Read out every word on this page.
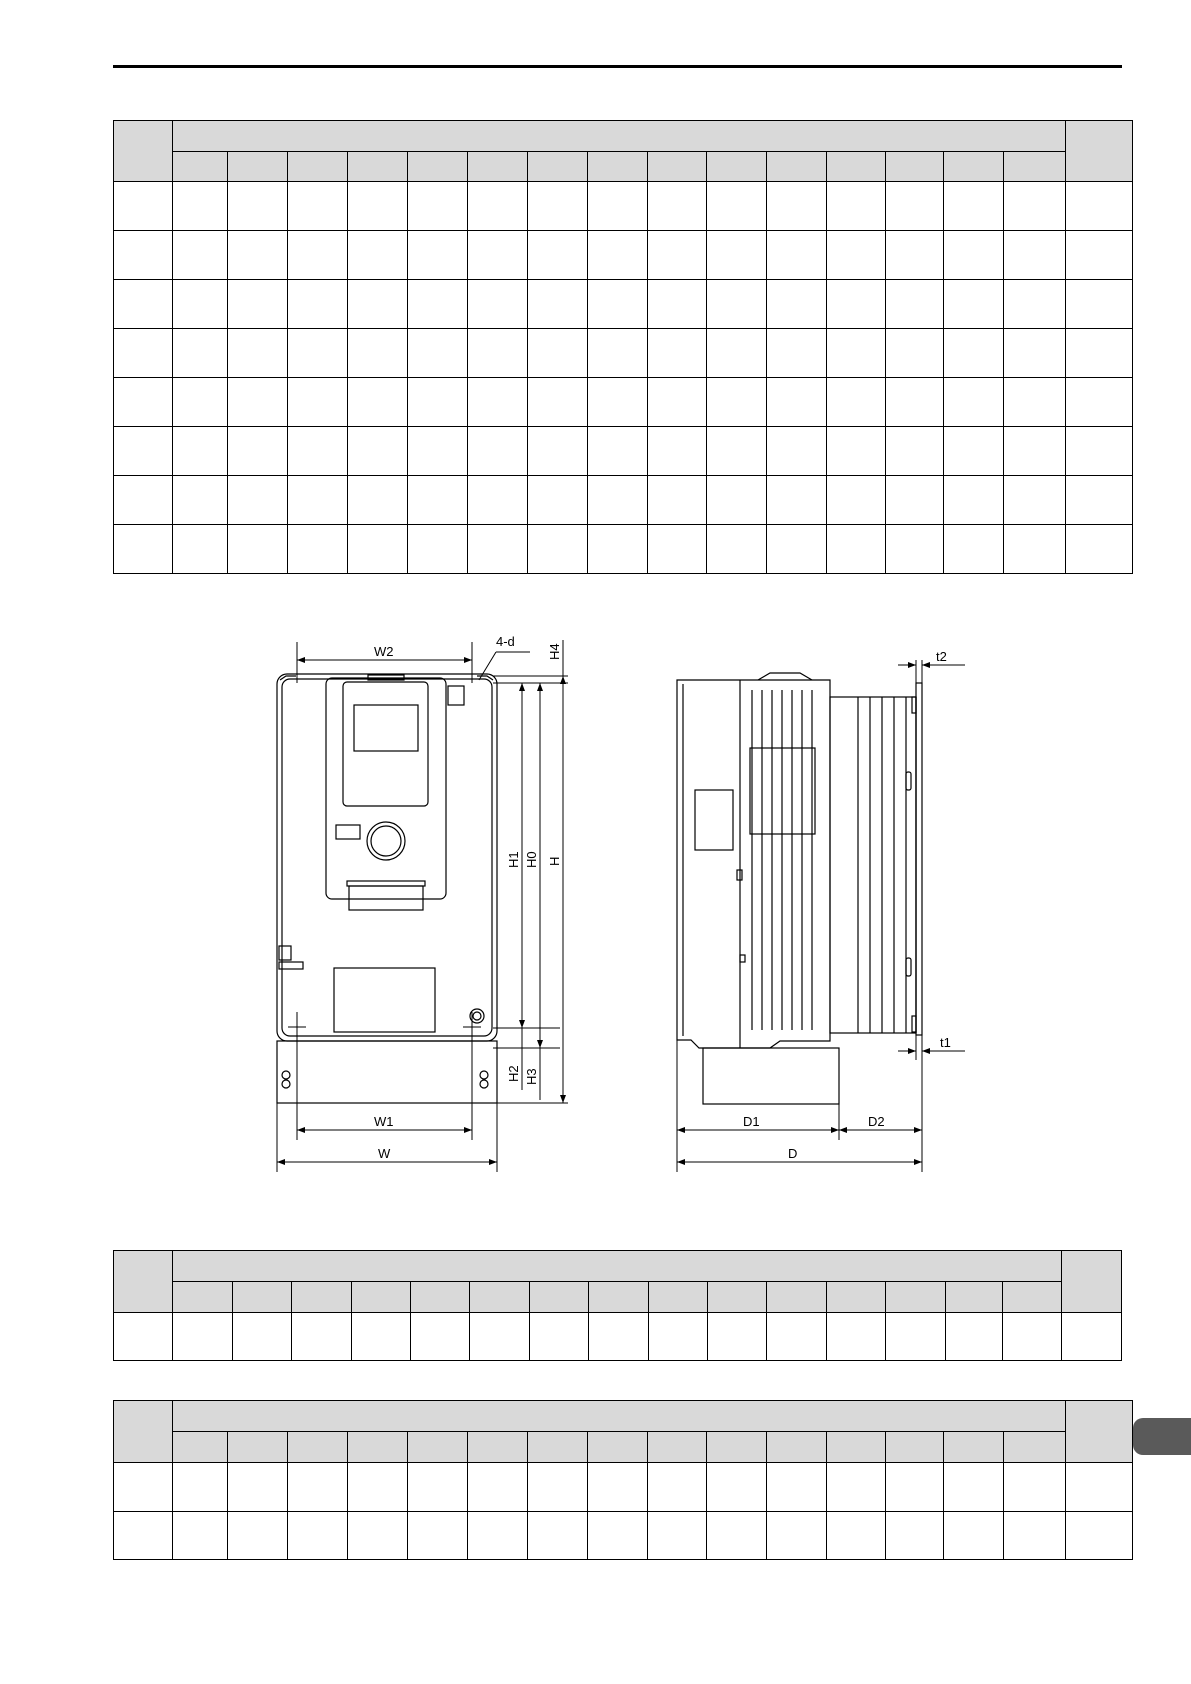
W2
4-d
H4
H1 H0 H
H2 H3
W1
W
t2
t1
D1	D2
D
